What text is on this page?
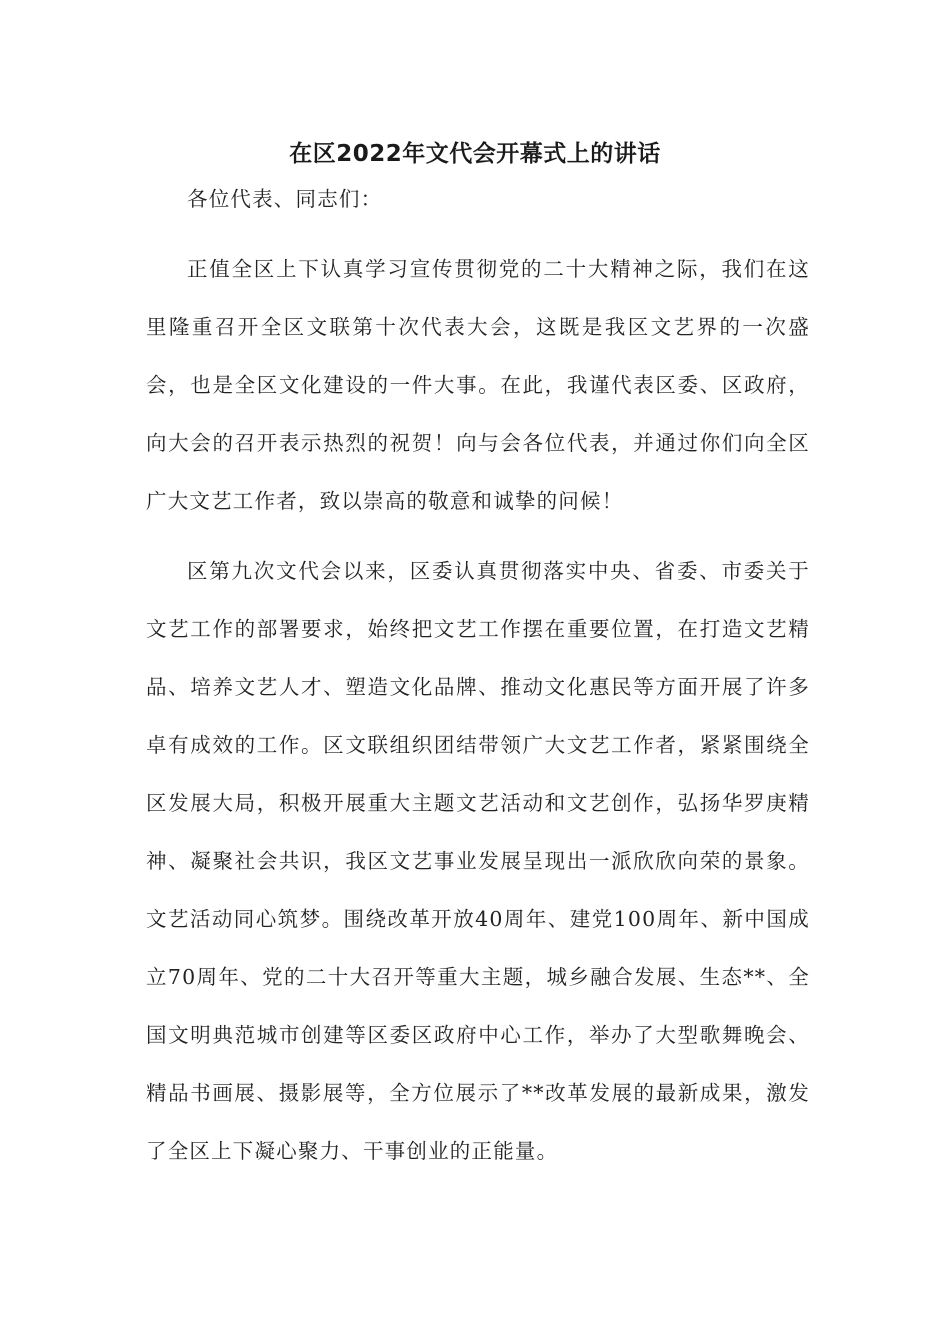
在区2022年文代会开幕式上的讲话

各位代表、同志们：

正值全区上下认真学习宣传贯彻党的二十大精神之际，我们在这里隆重召开全区文联第十次代表大会，这既是我区文艺界的一次盛会，也是全区文化建设的一件大事。在此，我谨代表区委、区政府，向大会的召开表示热烈的祝贺！向与会各位代表，并通过你们向全区广大文艺工作者，致以崇高的敬意和诚挚的问候！

区第九次文代会以来，区委认真贯彻落实中央、省委、市委关于文艺工作的部署要求，始终把文艺工作摆在重要位置，在打造文艺精品、培养文艺人才、塑造文化品牌、推动文化惠民等方面开展了许多卓有成效的工作。区文联组织团结带领广大文艺工作者，紧紧围绕全区发展大局，积极开展重大主题文艺活动和文艺创作，弘扬华罗庚精神、凝聚社会共识，我区文艺事业发展呈现出一派欣欣向荣的景象。文艺活动同心筑梦。围绕改革开放40周年、建党100周年、新中国成立70周年、党的二十大召开等重大主题，城乡融合发展、生态**、全国文明典范城市创建等区委区政府中心工作，举办了大型歌舞晚会、精品书画展、摄影展等，全方位展示了**改革发展的最新成果，激发了全区上下凝心聚力、干事创业的正能量。
